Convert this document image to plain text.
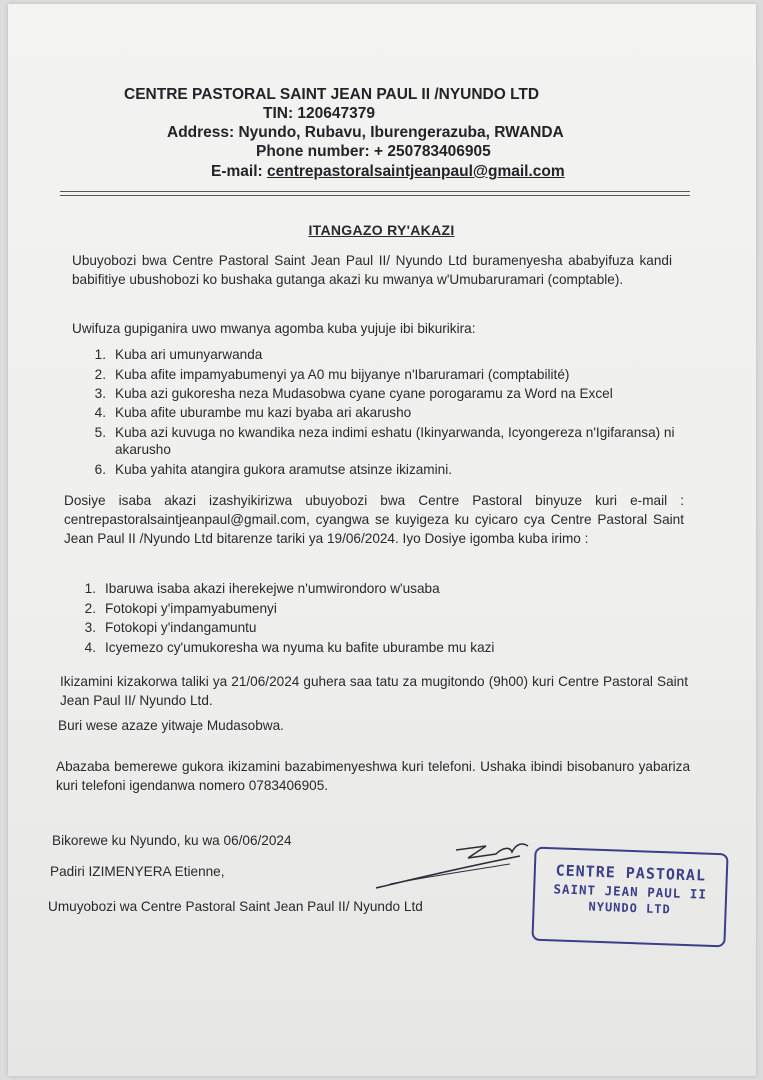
CENTRE PASTORAL SAINT JEAN PAUL II /NYUNDO LTD
TIN: 120647379
Address: Nyundo, Rubavu, Iburengerazuba, RWANDA
Phone number: + 250783406905
E-mail: centrepastoralsaintjeanpaul@gmail.com
ITANGAZO RY'AKAZI
Ubuyobozi bwa Centre Pastoral Saint Jean Paul II/ Nyundo Ltd buramenyesha ababyifuza kandi babifitiye ubushobozi ko bushaka gutanga akazi ku mwanya w'Umubaruramari (comptable).
Uwifuza gupiganira uwo mwanya agomba kuba yujuje ibi bikurikira:
1. Kuba ari umunyarwanda
2. Kuba afite impamyabumenyi ya A0 mu bijyanye n'Ibaruramari (comptabilité)
3. Kuba azi gukoresha neza Mudasobwa cyane cyane porogaramu za Word na Excel
4. Kuba afite uburambe mu kazi byaba ari akarusho
5. Kuba azi kuvuga no kwandika neza indimi eshatu (Ikinyarwanda, Icyongereza n'Igifaransa) ni akarusho
6. Kuba yahita atangira gukora aramutse atsinze ikizamini.
Dosiye isaba akazi izashyikirizwa ubuyobozi bwa Centre Pastoral binyuze kuri e-mail : centrepastoralsaintjeanpaul@gmail.com, cyangwa se kuyigeza ku cyicaro cya Centre Pastoral Saint Jean Paul II /Nyundo Ltd bitarenze tariki ya 19/06/2024. Iyo Dosiye igomba kuba irimo :
1. Ibaruwa isaba akazi iherekejwe n'umwirondoro w'usaba
2. Fotokopi y'impamyabumenyi
3. Fotokopi y'indangamuntu
4. Icyemezo cy'umukoresha wa nyuma ku bafite uburambe mu kazi
Ikizamini kizakorwa taliki ya 21/06/2024 guhera saa tatu za mugitondo (9h00) kuri Centre Pastoral Saint Jean Paul II/ Nyundo Ltd.
Buri wese azaze yitwaje Mudasobwa.
Abazaba bemerewe gukora ikizamini bazabimenyeshwa kuri telefoni. Ushaka ibindi bisobanuro yabariza kuri telefoni igendanwa nomero 0783406905.
Bikorewe ku Nyundo, ku wa 06/06/2024
Padiri IZIMENYERA Etienne,
Umuyobozi wa Centre Pastoral Saint Jean Paul II/ Nyundo Ltd
CENTRE PASTORAL
SAINT JEAN PAUL II
NYUNDO LTD
